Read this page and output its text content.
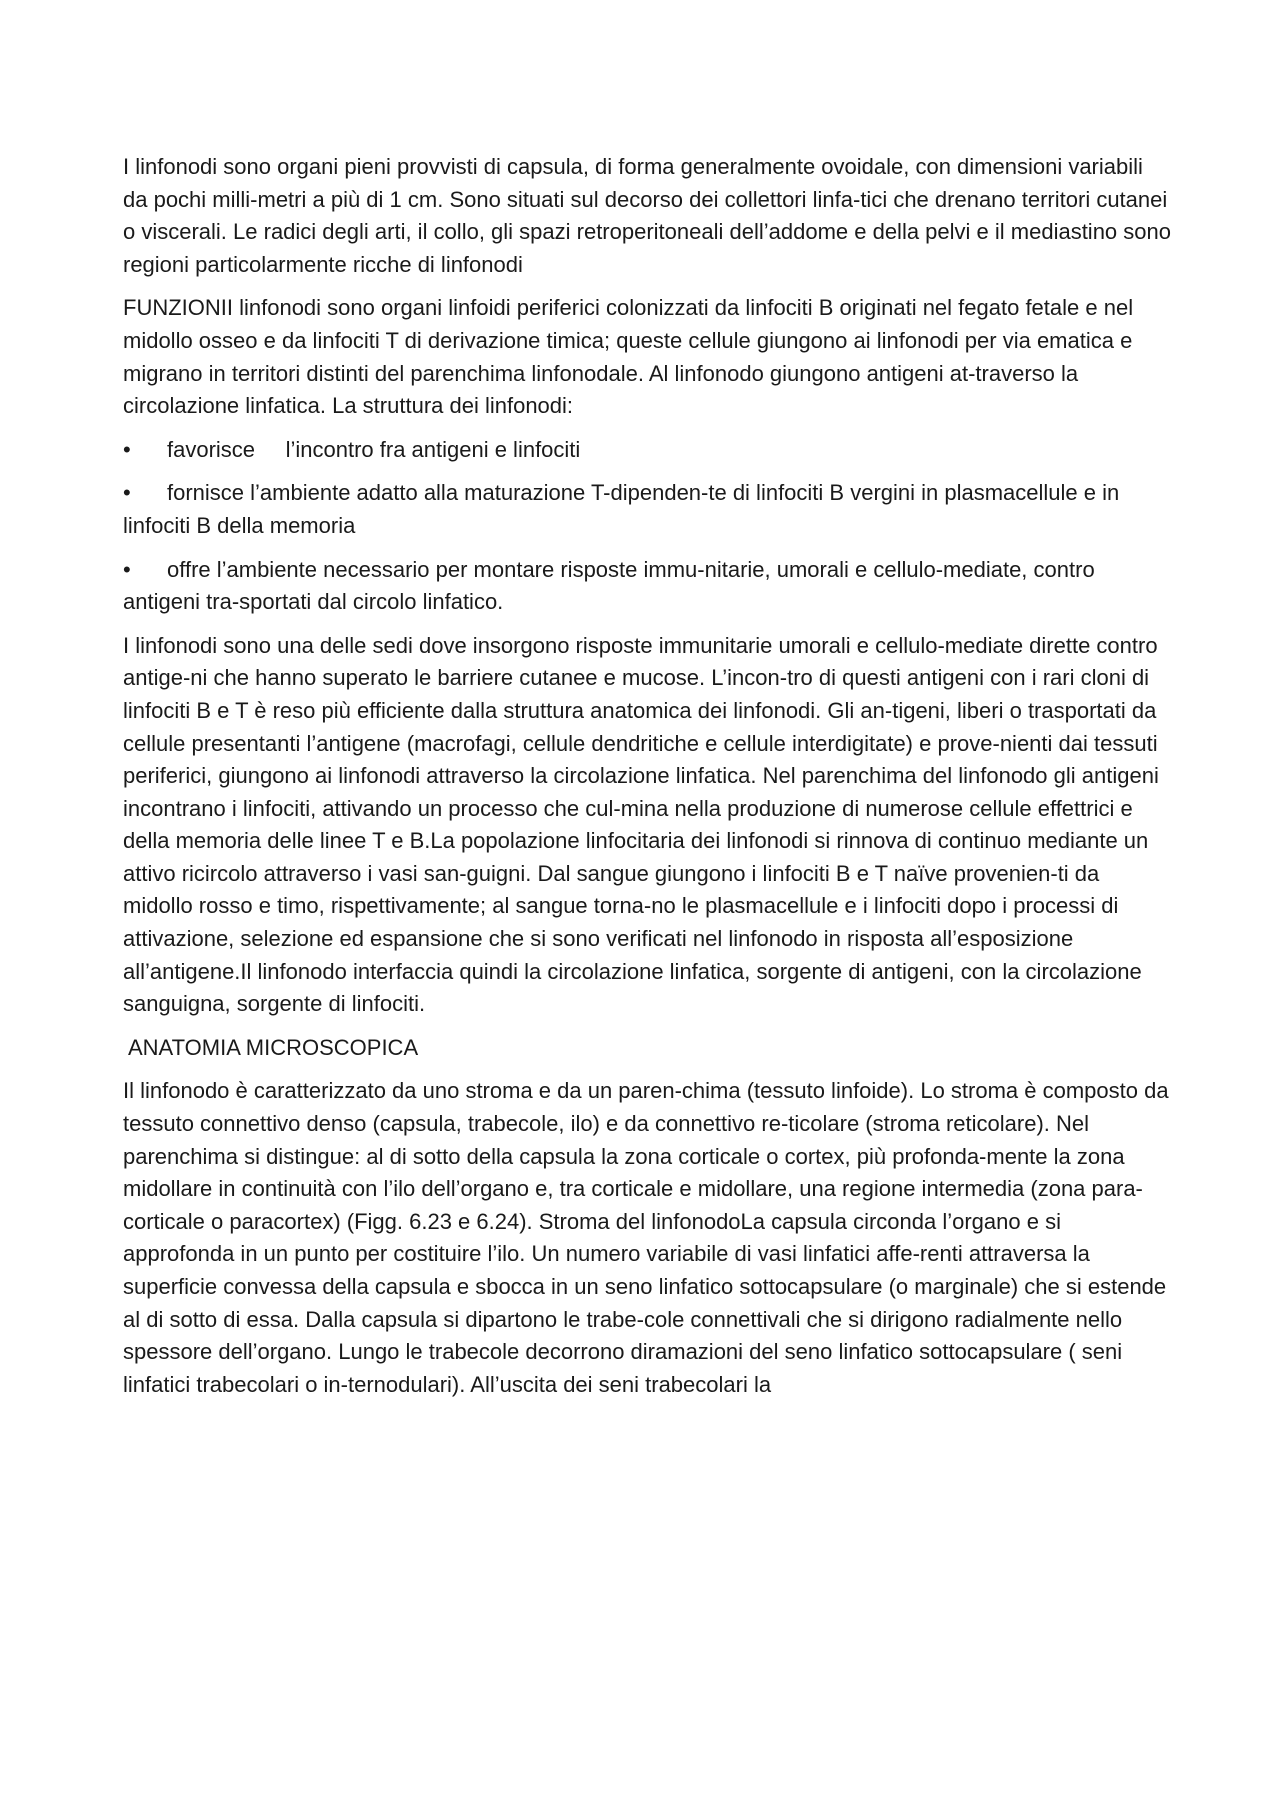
I linfonodi sono organi pieni provvisti di capsula, di forma generalmente ovoidale, con dimensioni variabili da pochi milli-metri a più di 1 cm. Sono situati sul decorso dei collettori linfa-tici che drenano territori cutanei o viscerali. Le radici degli arti, il collo, gli spazi retroperitoneali dell’addome e della pelvi e il mediastino sono regioni particolarmente ricche di linfonodi

FUNZIONII linfonodi sono organi linfoidi periferici colonizzati da linfociti B originati nel fegato fetale e nel midollo osseo e da linfociti T di derivazione timica; queste cellule giungono ai linfonodi per via ematica e migrano in territori distinti del parenchima linfonodale. Al linfonodo giungono antigeni at-traverso la circolazione linfatica. La struttura dei linfonodi:

• favorisce     l’incontro fra antigeni e linfociti

• fornisce l’ambiente adatto alla maturazione T-dipenden-te di linfociti B vergini in plasmacellule e in linfociti B della memoria

• offre l’ambiente necessario per montare risposte immu-nitarie, umorali e cellulo-mediate, contro antigeni tra-sportati dal circolo linfatico.

I linfonodi sono una delle sedi dove insorgono risposte immunitarie umorali e cellulo-mediate dirette contro antige-ni che hanno superato le barriere cutanee e mucose. L’incon-tro di questi antigeni con i rari cloni di linfociti B e T è reso più efficiente dalla struttura anatomica dei linfonodi. Gli an-tigeni, liberi o trasportati da cellule presentanti l’antigene (macrofagi, cellule dendritiche e cellule interdigitate) e prove-nienti dai tessuti periferici, giungono ai linfonodi attraverso la circolazione linfatica. Nel parenchima del linfonodo gli antigeni incontrano i linfociti, attivando un processo che cul-mina nella produzione di numerose cellule effettrici e della memoria delle linee T e B.La popolazione linfocitaria dei linfonodi si rinnova di continuo mediante un attivo ricircolo attraverso i vasi san-guigni. Dal sangue giungono i linfociti B e T naïve provenien-ti da midollo rosso e timo, rispettivamente; al sangue torna-no le plasmacellule e i linfociti dopo i processi di attivazione, selezione ed espansione che si sono verificati nel linfonodo in risposta all’esposizione all’antigene.Il linfonodo interfaccia quindi la circolazione linfatica, sorgente di antigeni, con la circolazione sanguigna, sorgente di linfociti.

ANATOMIA MICROSCOPICA

Il linfonodo è caratterizzato da uno stroma e da un paren-chima (tessuto linfoide). Lo stroma è composto da tessuto connettivo denso (capsula, trabecole, ilo) e da connettivo re-ticolare (stroma reticolare). Nel parenchima si distingue: al di sotto della capsula la zona corticale o cortex, più profonda-mente la zona midollare in continuità con l’ilo dell’organo e, tra corticale e midollare, una regione intermedia (zona para-corticale o paracortex) (Figg. 6.23 e 6.24). Stroma del linfonodoLa capsula circonda l’organo e si approfonda in un punto per costituire l’ilo. Un numero variabile di vasi linfatici affe-renti attraversa la superficie convessa della capsula e sbocca in un seno linfatico sottocapsulare (o marginale) che si estende al di sotto di essa. Dalla capsula si dipartono le trabe-cole connettivali che si dirigono radialmente nello spessore dell’organo. Lungo le trabecole decorrono diramazioni del seno linfatico sottocapsulare ( seni linfatici trabecolari o in-ternodulari). All’uscita dei seni trabecolari la
